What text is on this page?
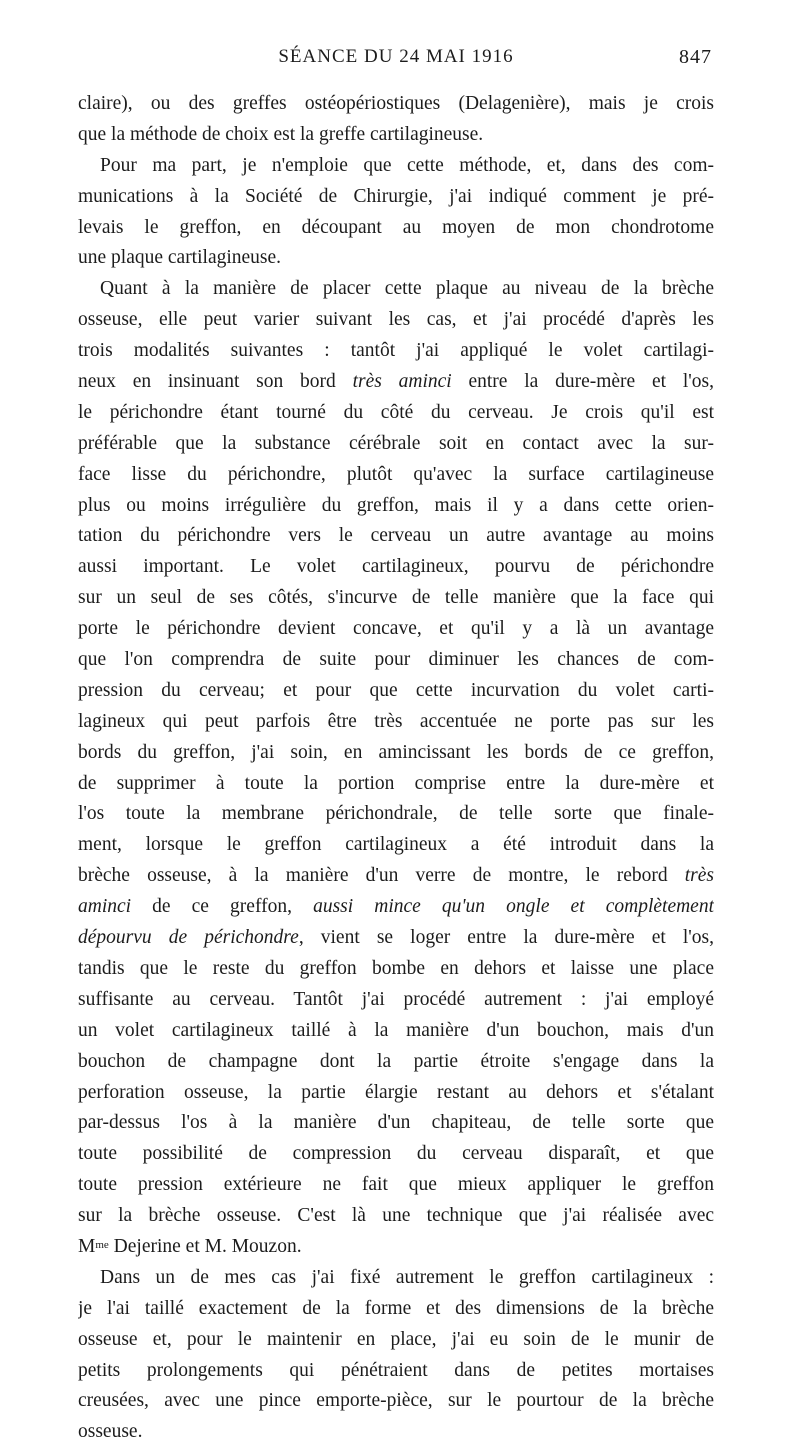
SÉANCE DU 24 MAI 1916	847
claire), ou des greffes ostéopériostiques (Delagenière), mais je crois
que la méthode de choix est la greffe cartilagineuse.
Pour ma part, je n'emploie que cette méthode, et, dans des com-
munications à la Société de Chirurgie, j'ai indiqué comment je pré-
levais le greffon, en découpant au moyen de mon chondrotome
une plaque cartilagineuse.
Quant à la manière de placer cette plaque au niveau de la brèche
osseuse, elle peut varier suivant les cas, et j'ai procédé d'après les
trois modalités suivantes : tantôt j'ai appliqué le volet cartilagi-
neux en insinuant son bord très aminci entre la dure-mère et l'os,
le périchondre étant tourné du côté du cerveau. Je crois qu'il est
préférable que la substance cérébrale soit en contact avec la sur-
face lisse du périchondre, plutôt qu'avec la surface cartilagineuse
plus ou moins irrégulière du greffon, mais il y a dans cette orien-
tation du périchondre vers le cerveau un autre avantage au moins
aussi important. Le volet cartilagineux, pourvu de périchondre
sur un seul de ses côtés, s'incurve de telle manière que la face qui
porte le périchondre devient concave, et qu'il y a là un avantage
que l'on comprendra de suite pour diminuer les chances de com-
pression du cerveau; et pour que cette incurvation du volet carti-
lagineux qui peut parfois être très accentuée ne porte pas sur les
bords du greffon, j'ai soin, en amincissant les bords de ce greffon,
de supprimer à toute la portion comprise entre la dure-mère et
l'os toute la membrane périchondrale, de telle sorte que finale-
ment, lorsque le greffon cartilagineux a été introduit dans la
brèche osseuse, à la manière d'un verre de montre, le rebord très
aminci de ce greffon, aussi mince qu'un ongle et complètement
dépourvu de périchondre, vient se loger entre la dure-mère et l'os,
tandis que le reste du greffon bombe en dehors et laisse une place
suffisante au cerveau. Tantôt j'ai procédé autrement : j'ai employé
un volet cartilagineux taillé à la manière d'un bouchon, mais d'un
bouchon de champagne dont la partie étroite s'engage dans la
perforation osseuse, la partie élargie restant au dehors et s'étalant
par-dessus l'os à la manière d'un chapiteau, de telle sorte que
toute possibilité de compression du cerveau disparaît, et que
toute pression extérieure ne fait que mieux appliquer le greffon
sur la brèche osseuse. C'est là une technique que j'ai réalisée avec
$M^{me}$ Dejerine et M. Mouzon.
Dans un de mes cas j'ai fixé autrement le greffon cartilagineux :
je l'ai taillé exactement de la forme et des dimensions de la brèche
osseuse et, pour le maintenir en place, j'ai eu soin de le munir de
petits prolongements qui pénétraient dans de petites mortaises
creusées, avec une pince emporte-pièce, sur le pourtour de la brèche
osseuse.
